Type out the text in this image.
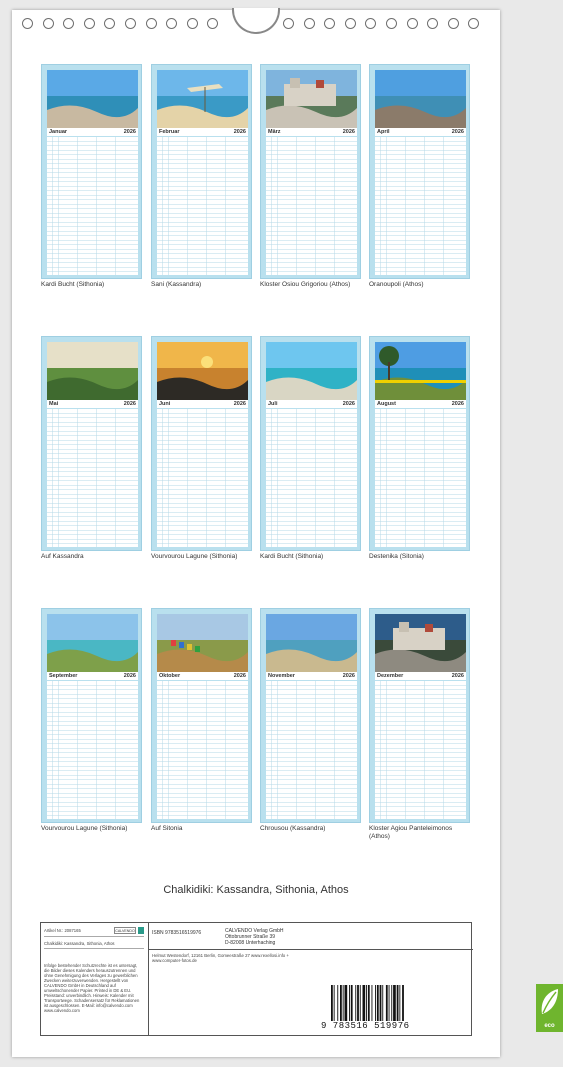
Januar	2026
Kardi Bucht (Sithonia)
Februar	2026
Sani (Kassandra)
März	2026
Kloster Osiou Grigoriou (Athos)
April	2026
Oranoupoli (Athos)
Mai	2026
Auf Kassandra
Juni	2026
Vourvourou Lagune (Sithonia)
Juli	2026
Kardi Bucht (Sithonia)
August	2026
Destenika (Sitonia)
September	2026
Vourvourou Lagune (Sithonia)
Oktober	2026
Auf Sitonia
November	2026
Chrousou (Kassandra)
Dezember	2026
Kloster Agiou Panteleimonos (Athos)
Chalkidiki: Kassandra, Sithonia, Athos
Artikel Nr.: 2087165	CALVENDO
Chalkidiki: Kassandra, Sithonia, Athos
Infolge bestehender Schutzrechte ist es untersagt, die Bilder dieses Kalenders herauszutrennen und ohne Genehmigung des Verlages zu gewerblichen Zwecken weiterzuverwenden. Hergestellt von CALVENDO GmbH in Deutschland auf umweltschonender Papier. Printed in DE & EU. Preisstand: unverbindlich. Hinweis: Kalender mit Transportwege. Schadensersatz für Reklamationen ist ausgeschlossen. E-Mail: info@calvendo.com www.calvendo.com
ISBN 9783516519976	CALVENDO Verlag GmbH
Ottobrunner Straße 39
D-82008 Unterhaching
Helmut Westendorf, 12161 Berlin, Gomeestraße 27 www.rexellosi.info +
www.computer-fotos.de
9 783516 519976	eco
